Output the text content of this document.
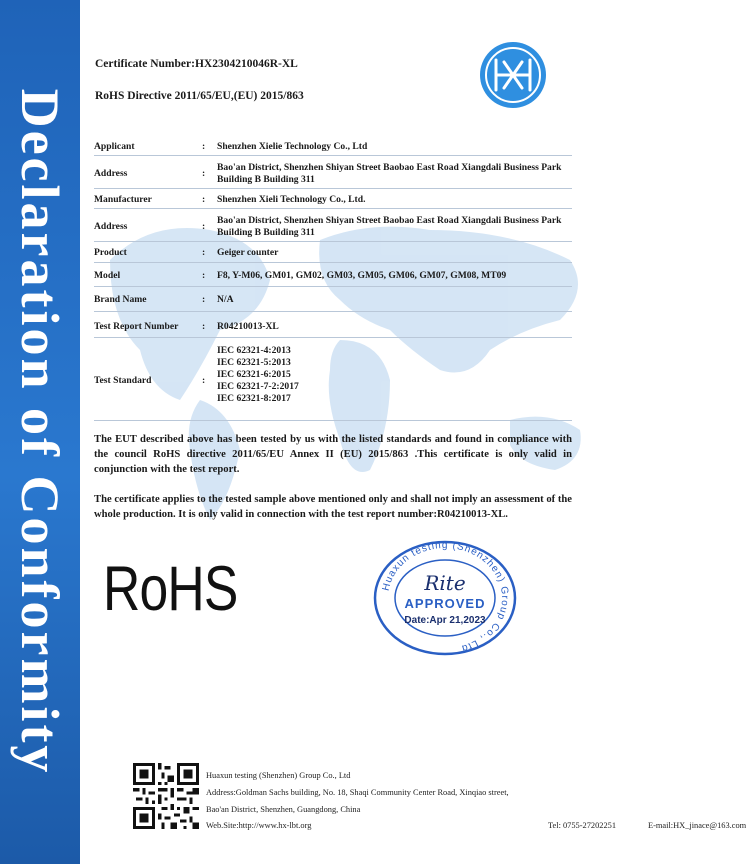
Declaration of Conformity
Certificate Number:HX2304210046R-XL
RoHS Directive 2011/65/EU,(EU) 2015/863
Applicant	: Shenzhen Xielie Technology Co., Ltd
Address	:
Bao'an District, Shenzhen Shiyan Street Baobao East Road Xiangdali Business Park Building B Building 311
Manufacturer	: Shenzhen Xieli Technology Co., Ltd.
Address	:
Bao'an District, Shenzhen Shiyan Street Baobao East Road Xiangdali Business Park Building B Building 311
Product	: Geiger counter
Model	: F8, Y-M06, GM01, GM02, GM03, GM05, GM06, GM07, GM08, MT09
Brand Name	: N/A
Test Report Number : R04210013-XL
Test Standard	:
IEC 62321-4:2013
IEC 62321-5:2013
IEC 62321-6:2015
IEC 62321-7-2:2017
IEC 62321-8:2017
The EUT described above has been tested by us with the listed standards and found in compliance with the council RoHS directive 2011/65/EU Annex II (EU) 2015/863 .This certificate is only valid in conjunction with the test report.
The certificate applies to the tested sample above mentioned only and shall not imply an assessment of the whole production. It is only valid in connection with the test report number:R04210013-XL.
RoHS	Huaxun testing (Shenzhen) Group Co., Ltd
Rite
APPROVED
Date:Apr 21,2023
Huaxun testing (Shenzhen) Group Co., Ltd
Address:Goldman Sachs building, No. 18, Shaqi Community Center Road, Xinqiao street,
Bao'an District, Shenzhen, Guangdong, China
Web.Site:http://www.hx-lbt.org	Tel: 0755-27202251	E-mail:HX_jinace@163.com
